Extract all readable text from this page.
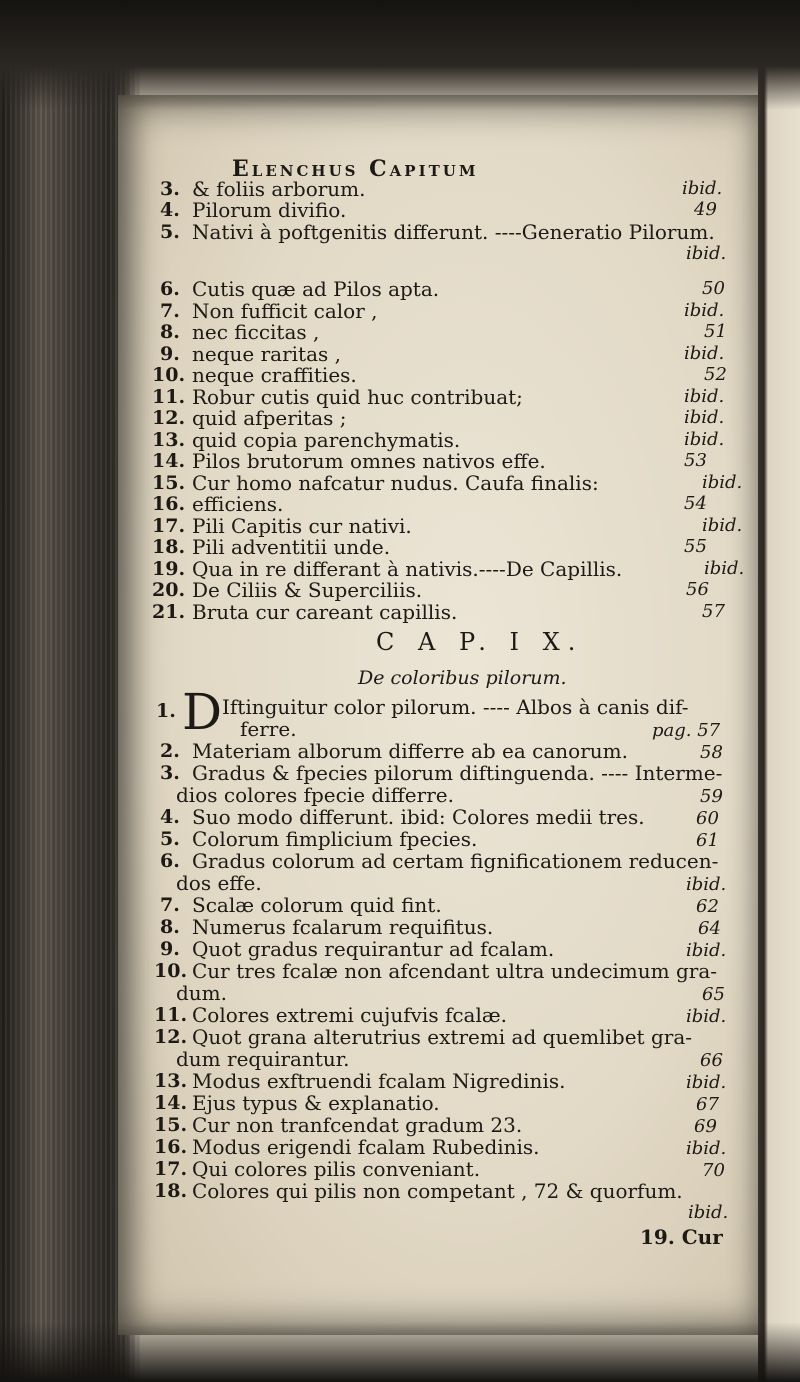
Elenchus Capitum
3. & foliis arborum.	ibid.
4. Pilorum divifio.	49
5. Nativi à poftgenitis differunt. ----Generatio Pilorum.
ibid.
6. Cutis quæ ad Pilos apta.	50
7. Non fufficit calor ,	ibid.
8. nec ficcitas ,	51
9. neque raritas ,	ibid.
10. neque craffities.	52
11. Robur cutis quid huc contribuat;	ibid.
12. quid afperitas ;	ibid.
13. quid copia parenchymatis.	ibid.
14. Pilos brutorum omnes nativos effe.	53
15. Cur homo nafcatur nudus. Caufa finalis:	ibid.
16. efficiens.	54
17. Pili Capitis cur nativi.	ibid.
18. Pili adventitii unde.	55
19. Qua in re differant à nativis.----De Capillis.	ibid.
20. De Ciliis & Superciliis.	56
21. Bruta cur careant capillis.	57
C A P. I X.
De coloribus pilorum.
1. D Iftinguitur color pilorum. ---- Albos à canis dif-
ferre.	pag. 57
2. Materiam alborum differre ab ea canorum.	58
3. Gradus & fpecies pilorum diftinguenda. ---- Interme-
dios colores fpecie differre.	59
4. Suo modo differunt. ibid: Colores medii tres.	60
5. Colorum fimplicium fpecies.	61
6. Gradus colorum ad certam fignificationem reducen-
dos effe.	ibid.
7. Scalæ colorum quid fint.	62
8. Numerus fcalarum requifitus.	64
9. Quot gradus requirantur ad fcalam.	ibid.
10. Cur tres fcalæ non afcendant ultra undecimum gra-
dum.	65
11. Colores extremi cujufvis fcalæ.	ibid.
12. Quot grana alterutrius extremi ad quemlibet gra-
dum requirantur.	66
13. Modus exftruendi fcalam Nigredinis.	ibid.
14. Ejus typus & explanatio.	67
15. Cur non tranfcendat gradum 23.	69
16. Modus erigendi fcalam Rubedinis.	ibid.
17. Qui colores pilis conveniant.	70
18. Colores qui pilis non competant , 72 & quorfum.
ibid.
19. Cur
